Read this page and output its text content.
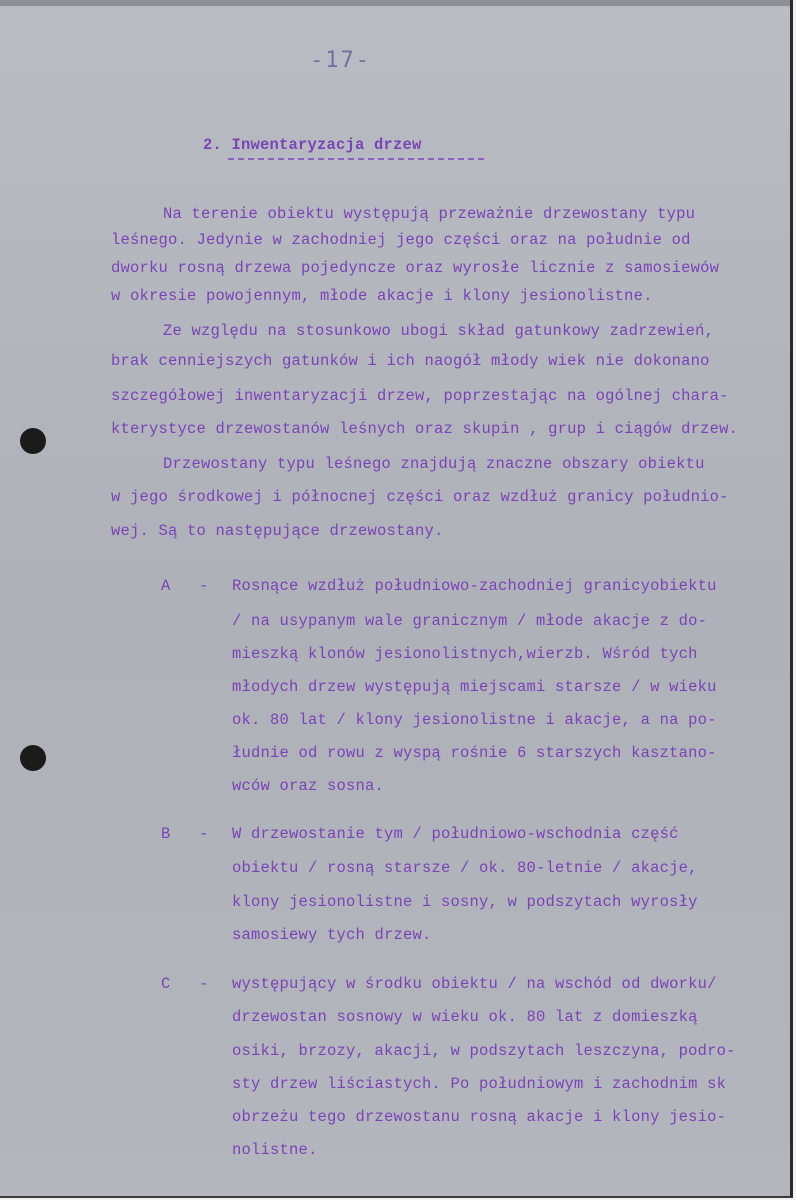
-17-
2. Inwentaryzacja drzew
Na terenie obiektu występują przeważnie drzewostany typu
leśnego. Jedynie w zachodniej jego części oraz na południe od
dworku rosną drzewa pojedyncze oraz wyrosłe licznie z samosiewów
w okresie powojennym, młode akacje i klony jesionolistne.
Ze względu na stosunkowo ubogi skład gatunkowy zadrzewień,
brak cenniejszych gatunków i ich naogół młody wiek nie dokonano
szczegółowej inwentaryzacji drzew, poprzestając na ogólnej chara-
kterystyce drzewostanów leśnych oraz skupin , grup i ciągów drzew.
Drzewostany typu leśnego znajdują znaczne obszary obiektu
w jego środkowej i północnej części oraz wzdłuż granicy południo-
wej. Są to następujące drzewostany.
A - Rosnące wzdłuż południowo-zachodniej granicyobiektu
/ na usypanym wale granicznym / młode akacje z do-
mieszką klonów jesionolistnych,wierzb. Wśród tych
młodych drzew występują miejscami starsze / w wieku
ok. 80 lat / klony jesionolistne i akacje, a na po-
łudnie od rowu z wyspą rośnie 6 starszych kasztano-
wców oraz sosna.
B - W drzewostanie tym / południowo-wschodnia część
obiektu / rosną starsze / ok. 80-letnie / akacje,
klony jesionolistne i sosny, w podszytach wyrosły
samosiewy tych drzew.
C - występujący w środku obiektu / na wschód od dworku/
drzewostan sosnowy w wieku ok. 80 lat z domieszką
osiki, brzozy, akacji, w podszytach leszczyna, podro-
sty drzew liściastych. Po południowym i zachodnim sk
obrzeżu tego drzewostanu rosną akacje i klony jesio-
nolistne.
